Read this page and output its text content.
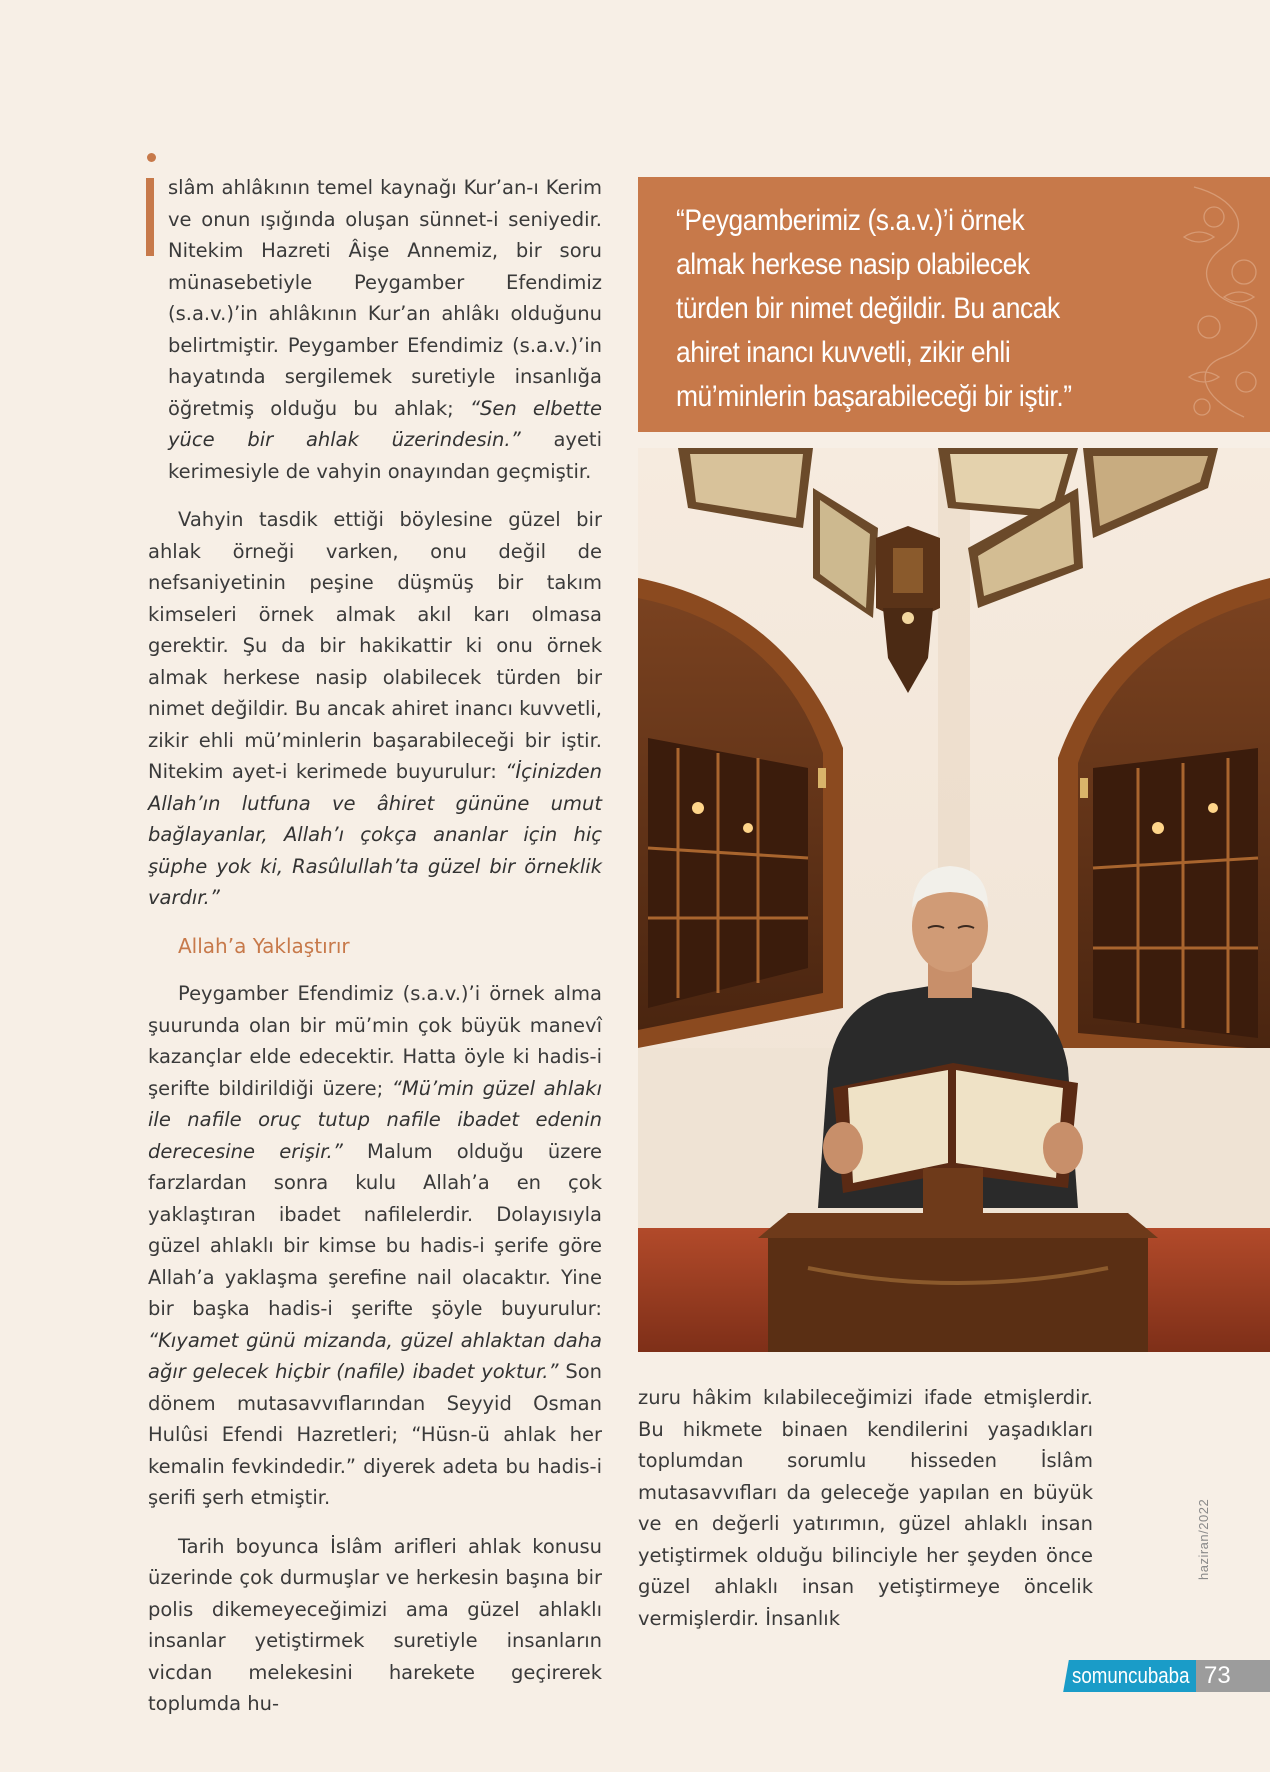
slâm ahlâkının temel kaynağı Kur’an-ı Kerim ve onun ışığında oluşan sünnet-i seniyedir. Nitekim Hazreti Âişe Annemiz, bir soru münasebetiyle Peygamber Efendimiz (s.a.v.)’in ahlâkının Kur’an ahlâkı olduğunu belirtmiştir. Peygamber Efendimiz (s.a.v.)’in hayatında sergilemek suretiyle insanlığa öğretmiş olduğu bu ahlak; “Sen elbette yüce bir ahlak üzerindesin.” ayeti kerimesiyle de vahyin onayından geçmiştir.

Vahyin tasdik ettiği böylesine güzel bir ahlak örneği varken, onu değil de nefsaniyetinin peşine düşmüş bir takım kimseleri örnek almak akıl karı olmasa gerektir. Şu da bir hakikattir ki onu örnek almak herkese nasip olabilecek türden bir nimet değildir. Bu ancak ahiret inancı kuvvetli, zikir ehli mü’minlerin başarabileceği bir iştir. Nitekim ayet-i kerimede buyurulur: “İçinizden Allah’ın lutfuna ve âhiret gününe umut bağlayanlar, Allah’ı çokça ananlar için hiç şüphe yok ki, Rasûlullah’ta güzel bir örneklik vardır.”

Allah’a Yaklaştırır

Peygamber Efendimiz (s.a.v.)’i örnek alma şuurunda olan bir mü’min çok büyük manevî kazançlar elde edecektir. Hatta öyle ki hadis-i şerifte bildirildiği üzere; “Mü’min güzel ahlakı ile nafile oruç tutup nafile ibadet edenin derecesine erişir.” Malum olduğu üzere farzlardan sonra kulu Allah’a en çok yaklaştıran ibadet nafilelerdir. Dolayısıyla güzel ahlaklı bir kimse bu hadis-i şerife göre Allah’a yaklaşma şerefine nail olacaktır. Yine bir başka hadis-i şerifte şöyle buyurulur: “Kıyamet günü mizanda, güzel ahlaktan daha ağır gelecek hiçbir (nafile) ibadet yoktur.” Son dönem mutasavvıflarından Seyyid Osman Hulûsi Efendi Hazretleri; “Hüsn-ü ahlak her kemalin fevkindedir.” diyerek adeta bu hadis-i şerifi şerh etmiştir.

Tarih boyunca İslâm arifleri ahlak konusu üzerinde çok durmuşlar ve herkesin başına bir polis dikemeyeceğimizi ama güzel ahlaklı insanlar yetiştirmek suretiyle insanların vicdan melekesini harekete geçirerek toplumda hu-

“Peygamberimiz (s.a.v.)’i örnek almak herkese nasip olabilecek türden bir nimet değildir. Bu ancak ahiret inancı kuvvetli, zikir ehli mü’minlerin başarabileceği bir iştir.”

zuru hâkim kılabileceğimizi ifade etmişlerdir. Bu hikmete binaen kendilerini yaşadıkları toplumdan sorumlu hisseden İslâm mutasavvıfları da geleceğe yapılan en büyük ve en değerli yatırımın, güzel ahlaklı insan yetiştirmek olduğu bilinciyle her şeyden önce güzel ahlaklı insan yetiştirmeye öncelik vermişlerdir. İnsanlık

haziran/2022
somuncubaba 73
